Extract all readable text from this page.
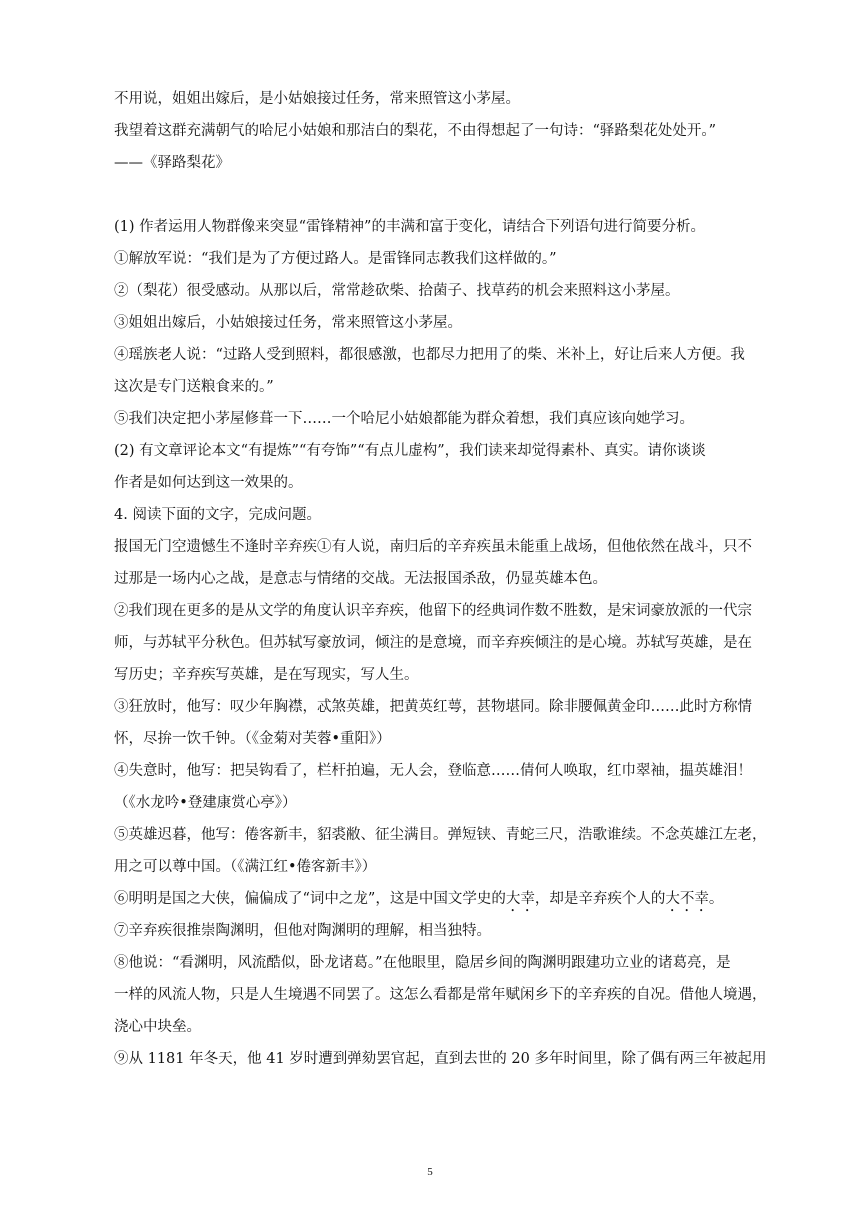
不用说，姐姐出嫁后，是小姑娘接过任务，常来照管这小茅屋。
我望着这群充满朝气的哈尼小姑娘和那洁白的梨花，不由得想起了一句诗：“驿路梨花处处开。”
——《驿路梨花》
(1) 作者运用人物群像来突显“雷锋精神”的丰满和富于变化，请结合下列语句进行简要分析。
①解放军说：“我们是为了方便过路人。是雷锋同志教我们这样做的。”
②（梨花）很受感动。从那以后，常常趁砍柴、拾菌子、找草药的机会来照料这小茅屋。
③姐姐出嫁后，小姑娘接过任务，常来照管这小茅屋。
④瑶族老人说：“过路人受到照料，都很感激，也都尽力把用了的柴、米补上，好让后来人方便。我
这次是专门送粮食来的。”
⑤我们决定把小茅屋修葺一下……一个哈尼小姑娘都能为群众着想，我们真应该向她学习。
(2) 有文章评论本文“有提炼”“有夸饰”“有点儿虚构”，我们读来却觉得素朴、真实。请你谈谈
作者是如何达到这一效果的。
4. 阅读下面的文字，完成问题。
报国无门空遗憾生不逢时辛弃疾①有人说，南归后的辛弃疾虽未能重上战场，但他依然在战斗，只不
过那是一场内心之战，是意志与情绪的交战。无法报国杀敌，仍显英雄本色。
②我们现在更多的是从文学的角度认识辛弃疾，他留下的经典词作数不胜数，是宋词豪放派的一代宗
师，与苏轼平分秋色。但苏轼写豪放词，倾注的是意境，而辛弃疾倾注的是心境。苏轼写英雄，是在
写历史；辛弃疾写英雄，是在写现实，写人生。
③狂放时，他写：叹少年胸襟，忒煞英雄，把黄英红萼，甚物堪同。除非腰佩黄金印……此时方称情
怀，尽拚一饮千钟。（《金菊对芙蓉•重阳》）
④失意时，他写：把吴钩看了，栏杆拍遍，无人会，登临意……倩何人唤取，红巾翠袖，揾英雄泪！
（《水龙吟•登建康赏心亭》）
⑤英雄迟暮，他写：倦客新丰，貂裘敝、征尘满目。弹短铗、青蛇三尺，浩歌谁续。不念英雄江左老，
用之可以尊中国。（《满江红•倦客新丰》）
⑥明明是国之大侠，偏偏成了“词中之龙”，这是中国文学史的大幸，却是辛弃疾个人的大不幸。
⑦辛弃疾很推崇陶渊明，但他对陶渊明的理解，相当独特。
⑧他说：“看渊明，风流酷似，卧龙诸葛。”在他眼里，隐居乡间的陶渊明跟建功立业的诸葛亮，是
一样的风流人物，只是人生境遇不同罢了。这怎么看都是常年赋闲乡下的辛弃疾的自况。借他人境遇，
浇心中块垒。
⑨从 1181 年冬天，他 41 岁时遭到弹劾罢官起，直到去世的 20 多年时间里，除了偶有两三年被起用
5
